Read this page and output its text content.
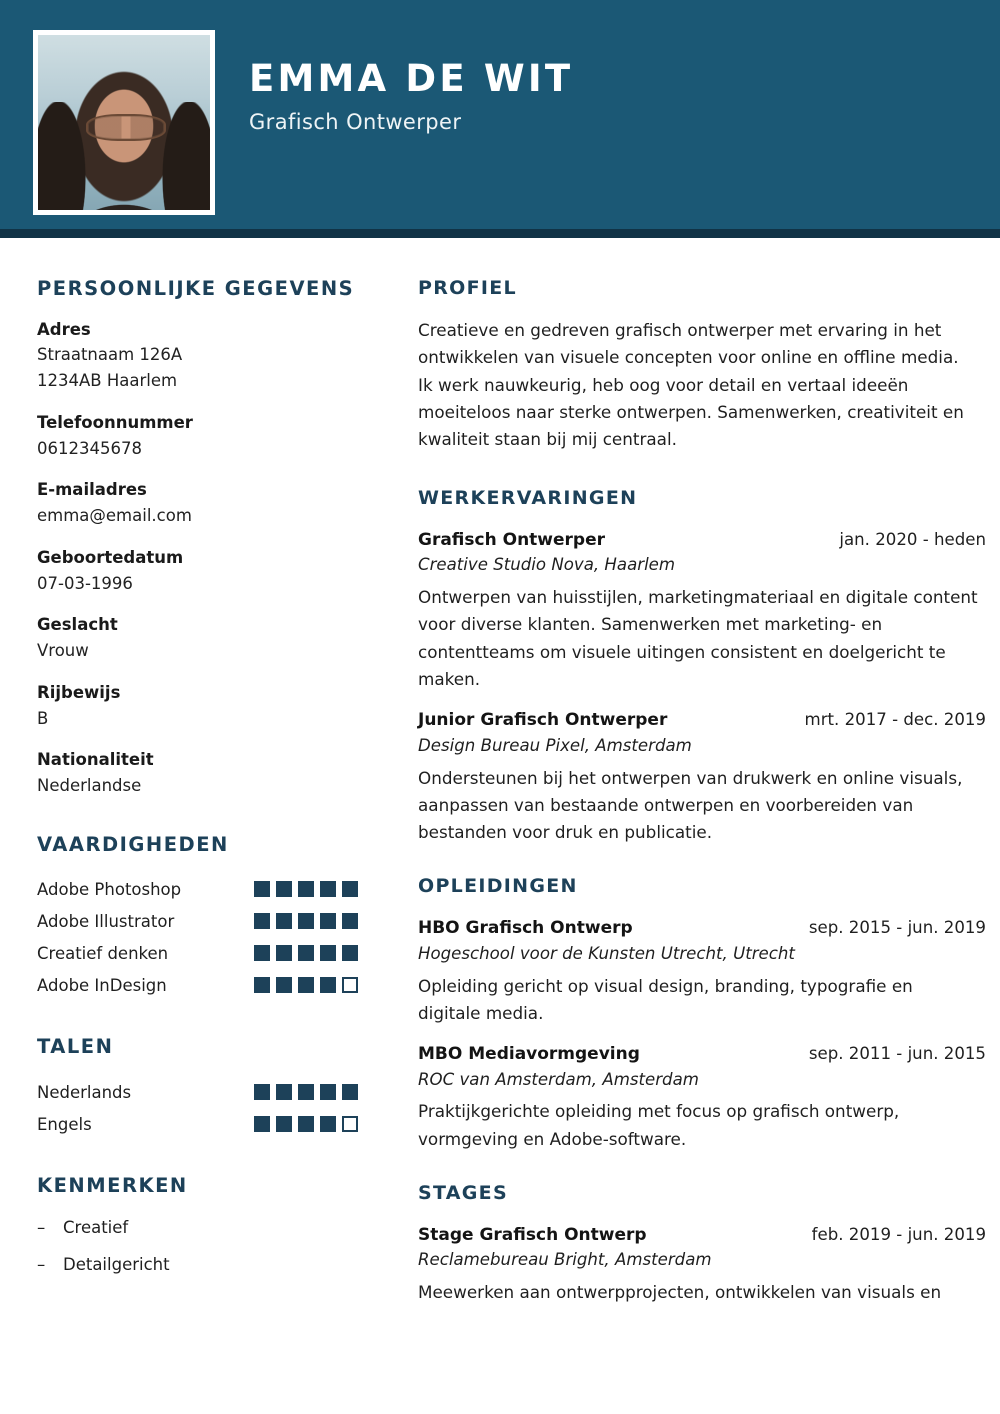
EMMA DE WIT
Grafisch Ontwerper
PERSOONLIJKE GEGEVENS
Adres
Straatnaam 126A
1234AB Haarlem
Telefoonnummer
0612345678
E-mailadres
emma@email.com
Geboortedatum
07-03-1996
Geslacht
Vrouw
Rijbewijs
B
Nationaliteit
Nederlandse
VAARDIGHEDEN
Adobe Photoshop
Adobe Illustrator
Creatief denken
Adobe InDesign
TALEN
Nederlands
Engels
KENMERKEN
–	Creatief
–	Detailgericht
PROFIEL
Creatieve en gedreven grafisch ontwerper met ervaring in het ontwikkelen van visuele concepten voor online en offline media. Ik werk nauwkeurig, heb oog voor detail en vertaal ideeën moeiteloos naar sterke ontwerpen. Samenwerken, creativiteit en kwaliteit staan bij mij centraal.
WERKERVARINGEN
Grafisch Ontwerper	jan. 2020 - heden
Creative Studio Nova, Haarlem
Ontwerpen van huisstijlen, marketingmateriaal en digitale content voor diverse klanten. Samenwerken met marketing- en contentteams om visuele uitingen consistent en doelgericht te maken.
Junior Grafisch Ontwerper	mrt. 2017 - dec. 2019
Design Bureau Pixel, Amsterdam
Ondersteunen bij het ontwerpen van drukwerk en online visuals, aanpassen van bestaande ontwerpen en voorbereiden van bestanden voor druk en publicatie.
OPLEIDINGEN
HBO Grafisch Ontwerp	sep. 2015 - jun. 2019
Hogeschool voor de Kunsten Utrecht, Utrecht
Opleiding gericht op visual design, branding, typografie en digitale media.
MBO Mediavormgeving	sep. 2011 - jun. 2015
ROC van Amsterdam, Amsterdam
Praktijkgerichte opleiding met focus op grafisch ontwerp, vormgeving en Adobe-software.
STAGES
Stage Grafisch Ontwerp	feb. 2019 - jun. 2019
Reclamebureau Bright, Amsterdam
Meewerken aan ontwerpprojecten, ontwikkelen van visuals en
